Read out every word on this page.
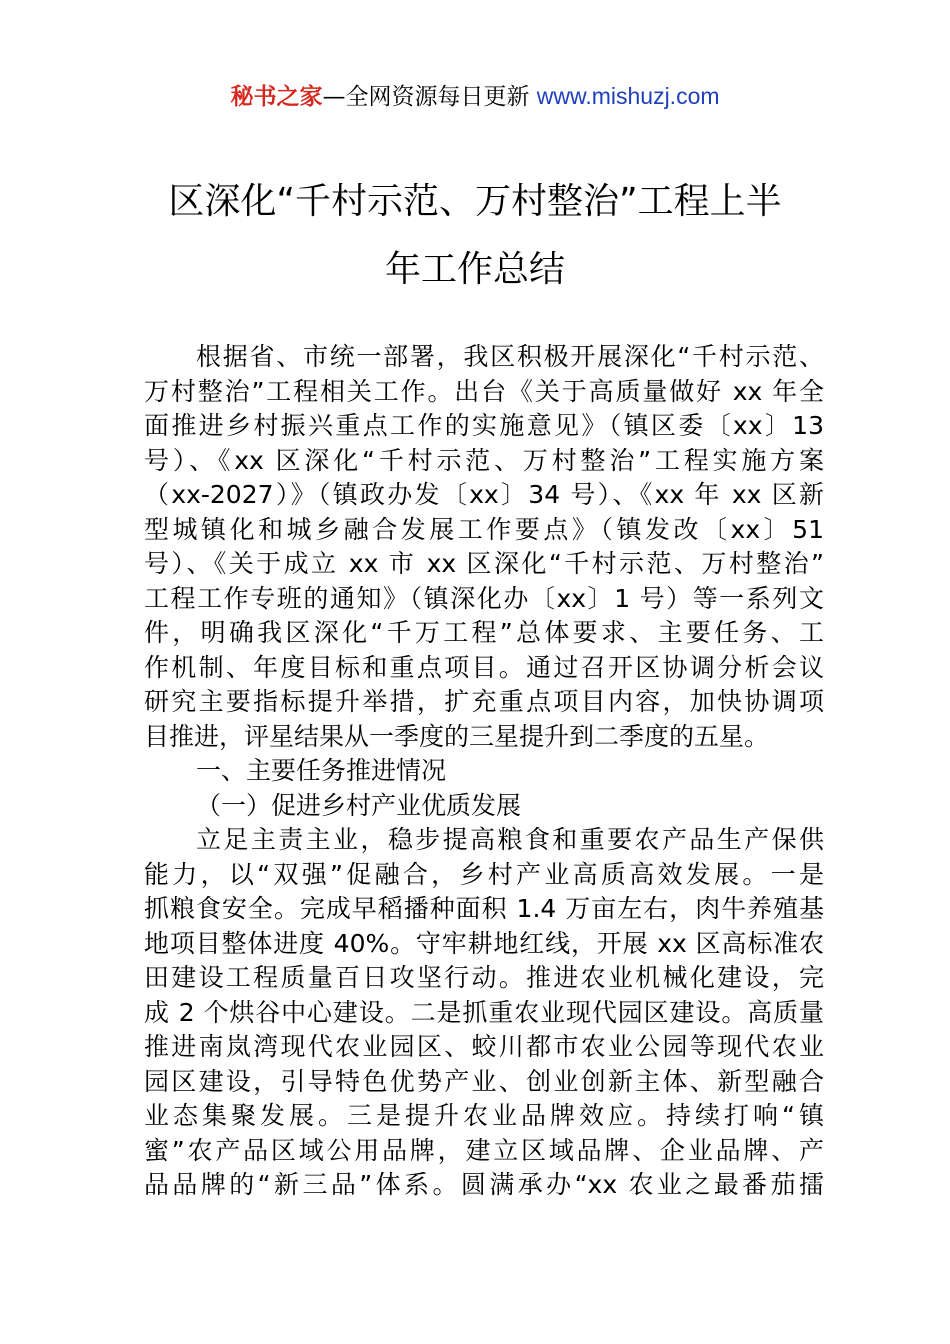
秘书之家—全网资源每日更新 www.mishuzj.com
区深化“千村示范、万村整治”工程上半
年工作总结
根据省、市统一部署，我区积极开展深化“千村示范、
万村整治”工程相关工作。出台《关于高质量做好 xx 年全
面推进乡村振兴重点工作的实施意见》（镇区委〔xx〕13
号）、《xx 区深化“千村示范、万村整治”工程实施方案
（xx-2027）》（镇政办发〔xx〕34 号）、《xx 年 xx 区新
型城镇化和城乡融合发展工作要点》（镇发改〔xx〕51
号）、《关于成立 xx 市 xx 区深化“千村示范、万村整治”
工程工作专班的通知》（镇深化办〔xx〕1 号）等一系列文
件，明确我区深化“千万工程”总体要求、主要任务、工
作机制、年度目标和重点项目。通过召开区协调分析会议
研究主要指标提升举措，扩充重点项目内容，加快协调项
目推进，评星结果从一季度的三星提升到二季度的五星。
一、主要任务推进情况
（一）促进乡村产业优质发展
立足主责主业，稳步提高粮食和重要农产品生产保供
能力，以“双强”促融合，乡村产业高质高效发展。一是
抓粮食安全。完成早稻播种面积 1.4 万亩左右，肉牛养殖基
地项目整体进度 40%。守牢耕地红线，开展 xx 区高标准农
田建设工程质量百日攻坚行动。推进农业机械化建设，完
成 2 个烘谷中心建设。二是抓重农业现代园区建设。高质量
推进南岚湾现代农业园区、蛟川都市农业公园等现代农业
园区建设，引导特色优势产业、创业创新主体、新型融合
业态集聚发展。三是提升农业品牌效应。持续打响“镇
蜜”农产品区域公用品牌，建立区域品牌、企业品牌、产
品品牌的“新三品”体系。圆满承办“xx 农业之最番茄擂
